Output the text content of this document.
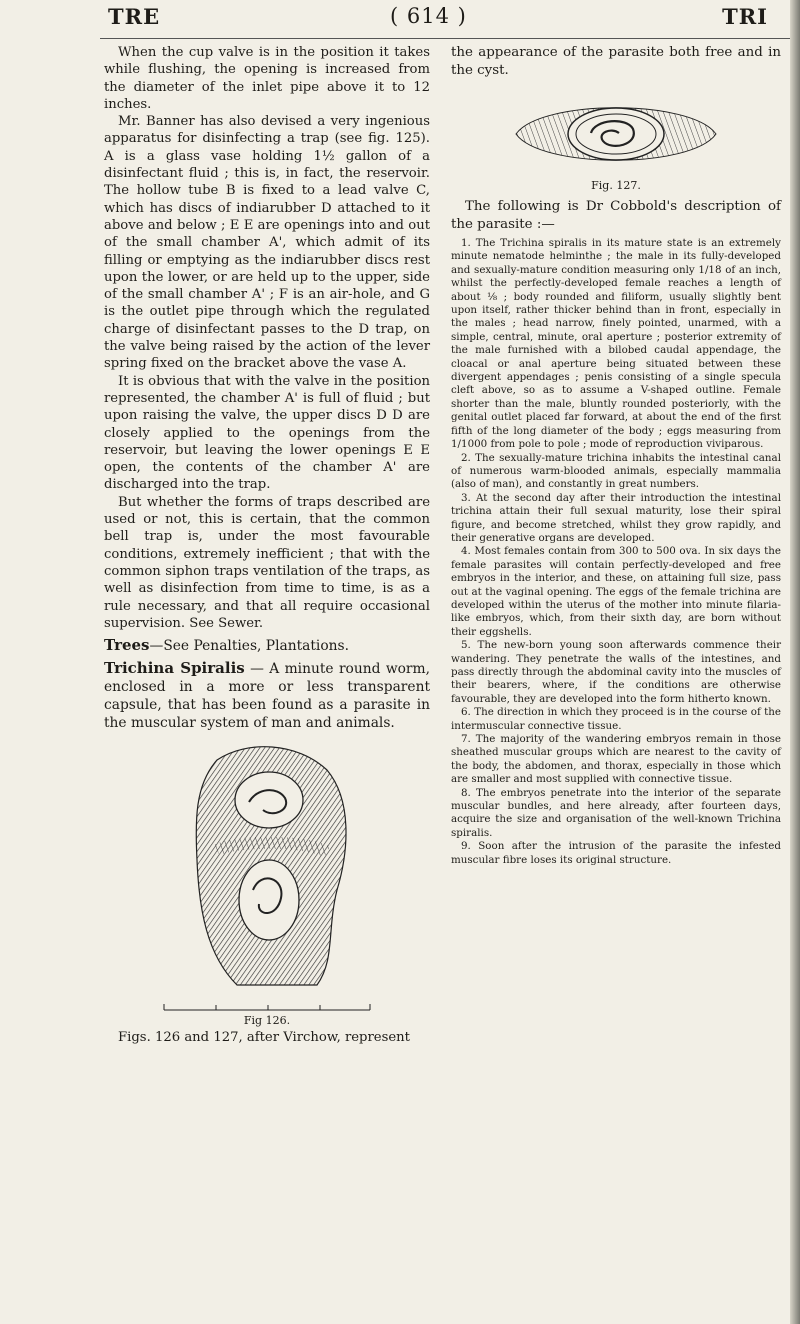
TRE	( 614 )	TRI

When the cup valve is in the position it takes while flushing, the opening is increased from the diameter of the inlet pipe above it to 12 inches.

Mr. Banner has also devised a very ingenious apparatus for disinfecting a trap (see fig. 125). A is a glass vase holding 1½ gallon of a disinfectant fluid ; this is, in fact, the reservoir. The hollow tube B is fixed to a lead valve C, which has discs of indiarubber D attached to it above and below ; E E are openings into and out of the small chamber A', which admit of its filling or emptying as the indiarubber discs rest upon the lower, or are held up to the upper, side of the small chamber A' ; F is an air-hole, and G is the outlet pipe through which the regulated charge of disinfectant passes to the D trap, on the valve being raised by the action of the lever spring fixed on the bracket above the vase A.

It is obvious that with the valve in the position represented, the chamber A' is full of fluid ; but upon raising the valve, the upper discs D D are closely applied to the openings from the reservoir, but leaving the lower openings E E open, the contents of the chamber A' are discharged into the trap.

But whether the forms of traps described are used or not, this is certain, that the common bell trap is, under the most favourable conditions, extremely inefficient ; that with the common siphon traps ventilation of the traps, as well as disinfection from time to time, is as a rule necessary, and that all require occasional supervision. See Sewer.

Trees—See Penalties, Plantations.

Trichina Spiralis — A minute round worm, enclosed in a more or less transparent capsule, that has been found as a parasite in the muscular system of man and animals.

Fig 126.

Figs. 126 and 127, after Virchow, represent

the appearance of the parasite both free and in the cyst.

Fig. 127.

The following is Dr Cobbold's description of the parasite :—

1. The Trichina spiralis in its mature state is an extremely minute nematode helminthe ; the male in its fully-developed and sexually-mature condition measuring only 1/18 of an inch, whilst the perfectly-developed female reaches a length of about ⅛ ; body rounded and filiform, usually slightly bent upon itself, rather thicker behind than in front, especially in the males ; head narrow, finely pointed, unarmed, with a simple, central, minute, oral aperture ; posterior extremity of the male furnished with a bilobed caudal appendage, the cloacal or anal aperture being situated between these divergent appendages ; penis consisting of a single specula cleft above, so as to assume a V-shaped outline. Female shorter than the male, bluntly rounded posteriorly, with the genital outlet placed far forward, at about the end of the first fifth of the long diameter of the body ; eggs measuring from 1/1000 from pole to pole ; mode of reproduction viviparous.

2. The sexually-mature trichina inhabits the intestinal canal of numerous warm-blooded animals, especially mammalia (also of man), and constantly in great numbers.

3. At the second day after their introduction the intestinal trichina attain their full sexual maturity, lose their spiral figure, and become stretched, whilst they grow rapidly, and their generative organs are developed.

4. Most females contain from 300 to 500 ova. In six days the female parasites will contain perfectly-developed and free embryos in the interior, and these, on attaining full size, pass out at the vaginal opening. The eggs of the female trichina are developed within the uterus of the mother into minute filaria-like embryos, which, from their sixth day, are born without their eggshells.

5. The new-born young soon afterwards commence their wandering. They penetrate the walls of the intestines, and pass directly through the abdominal cavity into the muscles of their bearers, where, if the conditions are otherwise favourable, they are developed into the form hitherto known.

6. The direction in which they proceed is in the course of the intermuscular connective tissue.

7. The majority of the wandering embryos remain in those sheathed muscular groups which are nearest to the cavity of the body, the abdomen, and thorax, especially in those which are smaller and most supplied with connective tissue.

8. The embryos penetrate into the interior of the separate muscular bundles, and here already, after fourteen days, acquire the size and organisation of the well-known Trichina spiralis.

9. Soon after the intrusion of the parasite the infested muscular fibre loses its original structure.
